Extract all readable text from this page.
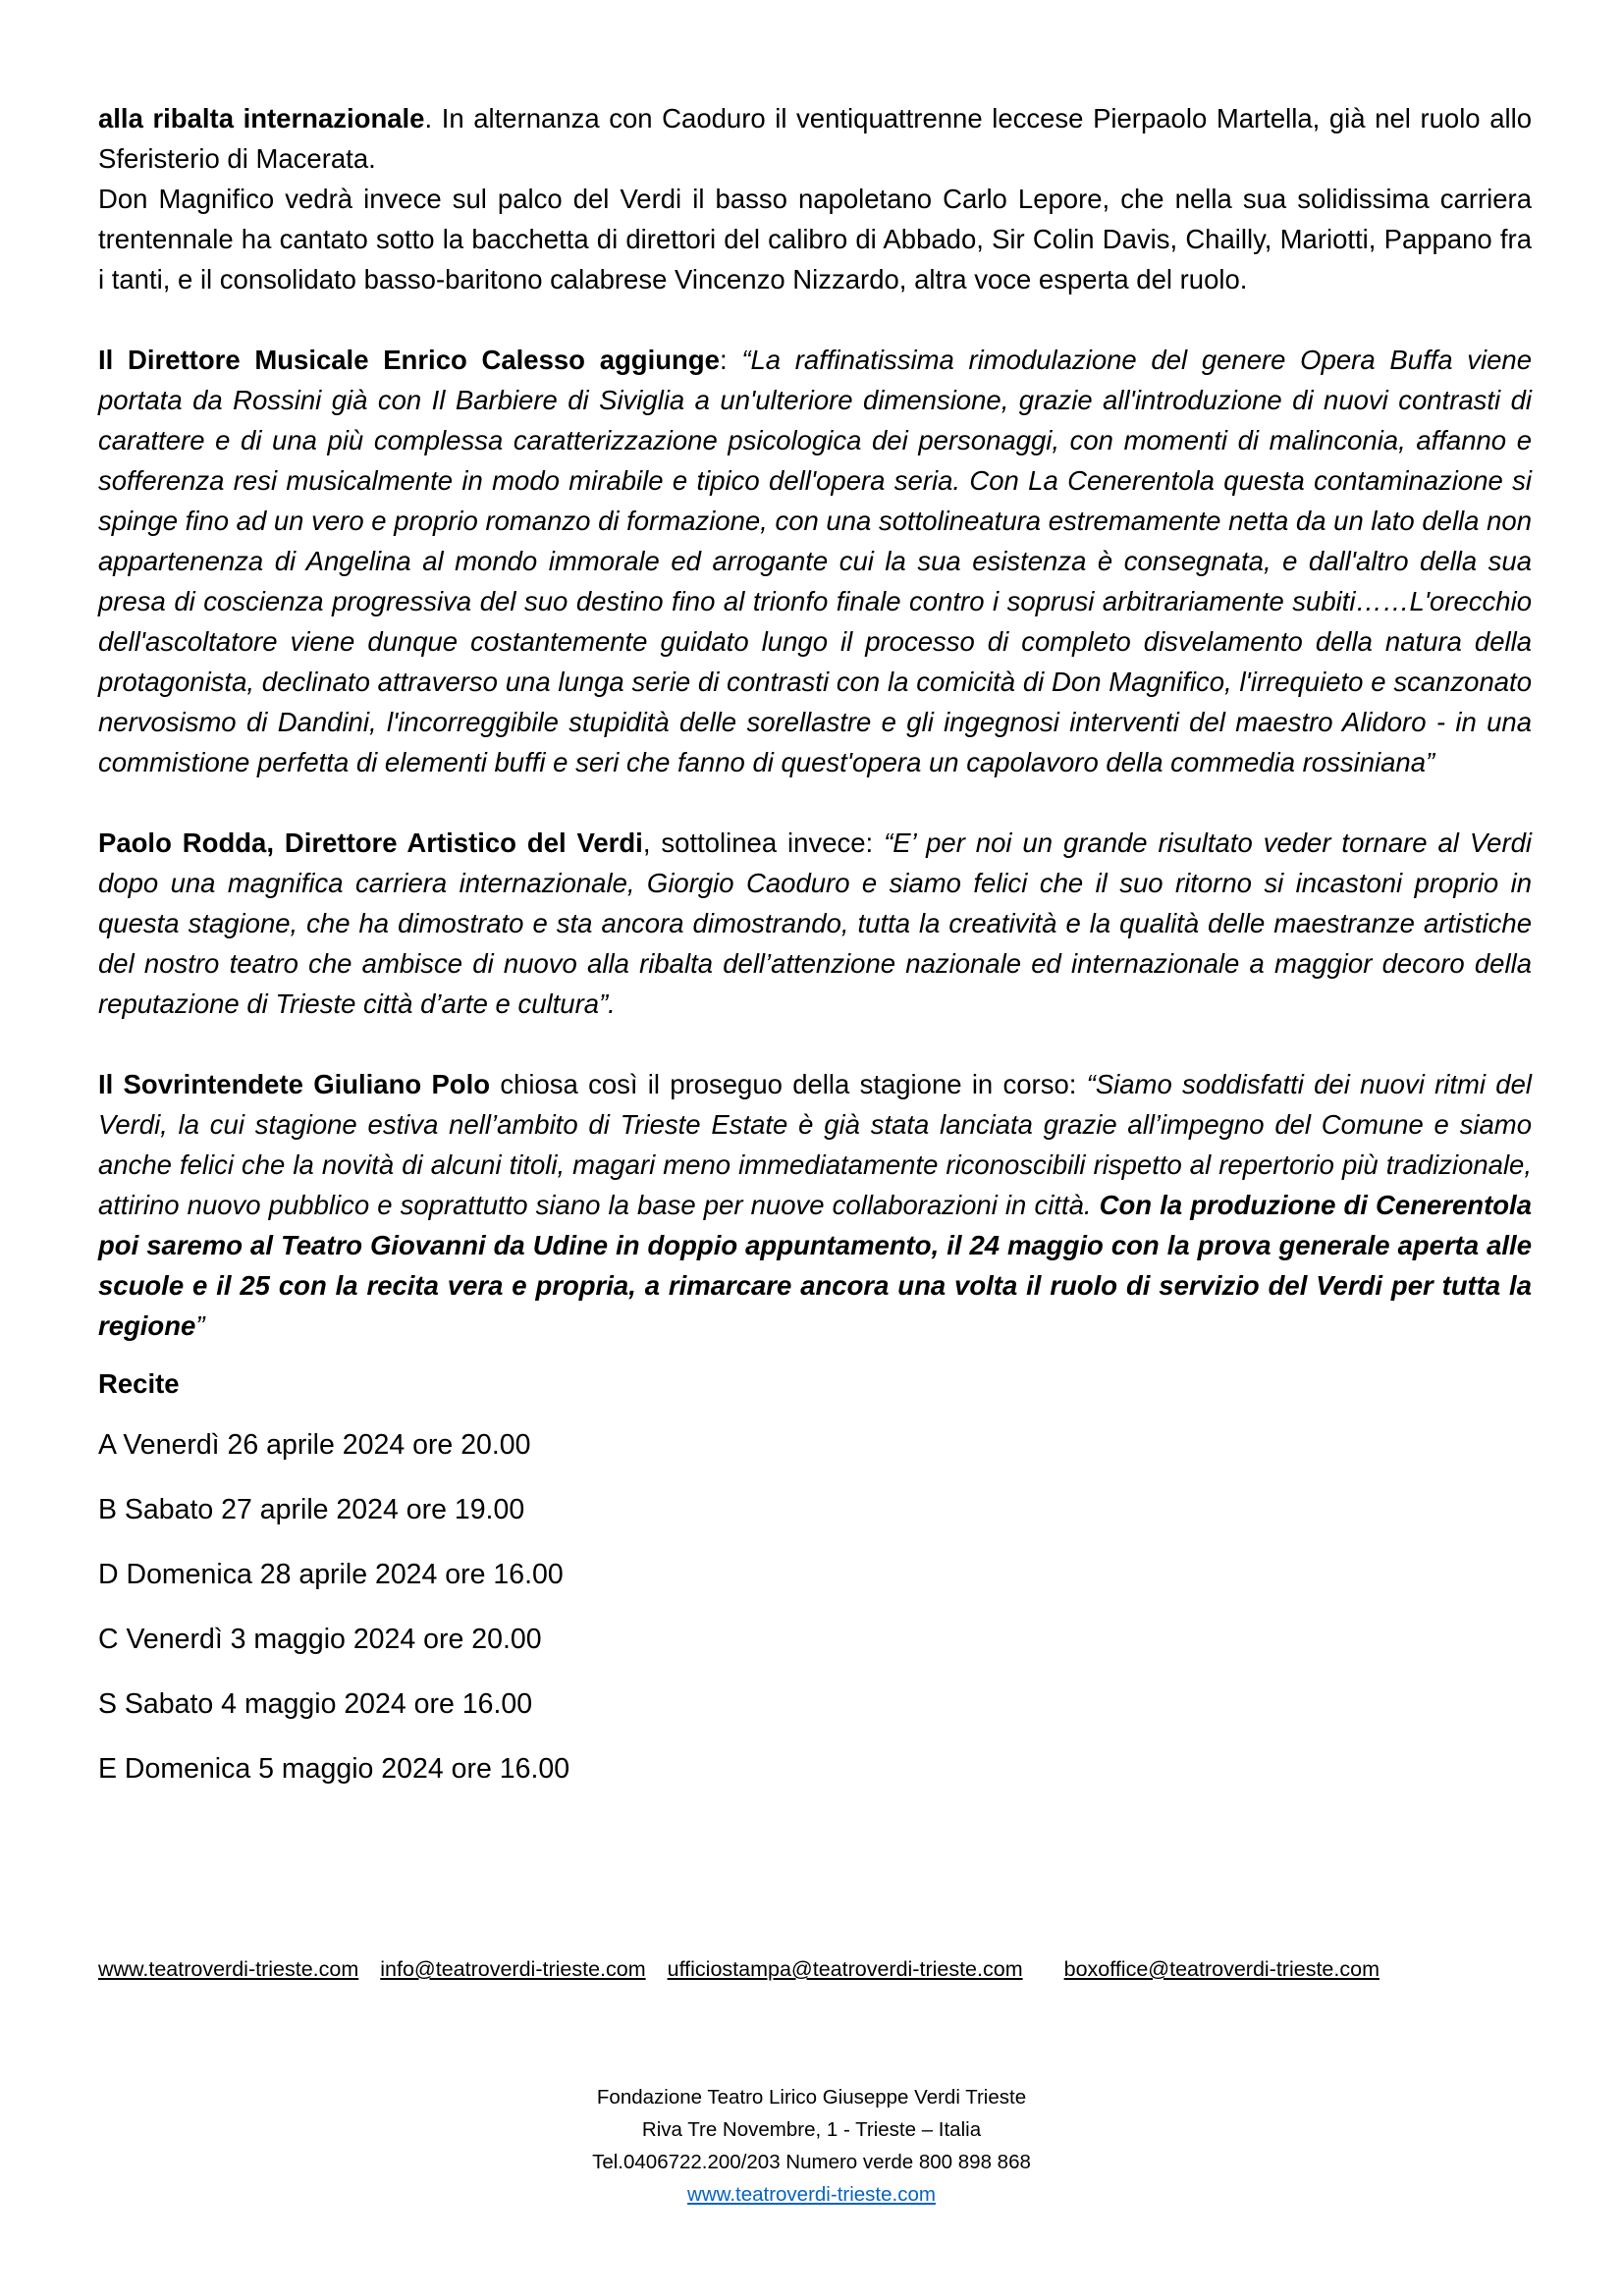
alla ribalta internazionale. In alternanza con Caoduro il ventiquattrenne leccese Pierpaolo Martella, già nel ruolo allo Sferisterio di Macerata.

Don Magnifico vedrà invece sul palco del Verdi il basso napoletano Carlo Lepore, che nella sua solidissima carriera trentennale ha cantato sotto la bacchetta di direttori del calibro di Abbado, Sir Colin Davis, Chailly, Mariotti, Pappano fra i tanti, e il consolidato basso-baritono calabrese Vincenzo Nizzardo, altra voce esperta del ruolo.

Il Direttore Musicale Enrico Calesso aggiunge: “La raffinatissima rimodulazione del genere Opera Buffa viene portata da Rossini già con Il Barbiere di Siviglia a un'ulteriore dimensione, grazie all'introduzione di nuovi contrasti di carattere e di una più complessa caratterizzazione psicologica dei personaggi, con momenti di malinconia, affanno e sofferenza resi musicalmente in modo mirabile e tipico dell'opera seria. Con La Cenerentola questa contaminazione si spinge fino ad un vero e proprio romanzo di formazione, con una sottolineatura estremamente netta da un lato della non appartenenza di Angelina al mondo immorale ed arrogante cui la sua esistenza è consegnata, e dall'altro della sua presa di coscienza progressiva del suo destino fino al trionfo finale contro i soprusi arbitrariamente subiti……L'orecchio dell'ascoltatore viene dunque costantemente guidato lungo il processo di completo disvelamento della natura della protagonista, declinato attraverso una lunga serie di contrasti con la comicità di Don Magnifico, l'irrequieto e scanzonato nervosismo di Dandini, l'incorreggibile stupidità delle sorellastre e gli ingegnosi interventi del maestro Alidoro - in una commistione perfetta di elementi buffi e seri che fanno di quest'opera un capolavoro della commedia rossiniana”

Paolo Rodda, Direttore Artistico del Verdi, sottolinea invece: “E’ per noi un grande risultato veder tornare al Verdi dopo una magnifica carriera internazionale, Giorgio Caoduro e siamo felici che il suo ritorno si incastoni proprio in questa stagione, che ha dimostrato e sta ancora dimostrando, tutta la creatività e la qualità delle maestranze artistiche del nostro teatro che ambisce di nuovo alla ribalta dell’attenzione nazionale ed internazionale a maggior decoro della reputazione di Trieste città d’arte e cultura”.

Il Sovrintendete Giuliano Polo chiosa così il proseguo della stagione in corso: “Siamo soddisfatti dei nuovi ritmi del Verdi, la cui stagione estiva nell’ambito di Trieste Estate è già stata lanciata grazie all’impegno del Comune e siamo anche felici che la novità di alcuni titoli, magari meno immediatamente riconoscibili rispetto al repertorio più tradizionale, attirino nuovo pubblico e soprattutto siano la base per nuove collaborazioni in città. Con la produzione di Cenerentola poi saremo al Teatro Giovanni da Udine in doppio appuntamento, il 24 maggio con la prova generale aperta alle scuole e il 25 con la recita vera e propria, a rimarcare ancora una volta il ruolo di servizio del Verdi per tutta la regione”

Recite
A Venerdì 26 aprile 2024 ore 20.00
B Sabato 27 aprile 2024 ore 19.00
D Domenica 28 aprile 2024 ore 16.00
C Venerdì 3 maggio 2024 ore 20.00
S Sabato 4 maggio 2024 ore 16.00
E Domenica 5 maggio 2024 ore 16.00
www.teatroverdi-trieste.com info@teatroverdi-trieste.com ufficiostampa@teatroverdi-trieste.com boxoffice@teatroverdi-trieste.com
Fondazione Teatro Lirico Giuseppe Verdi Trieste
Riva Tre Novembre, 1 - Trieste – Italia
Tel.0406722.200/203 Numero verde 800 898 868
www.teatroverdi-trieste.com
